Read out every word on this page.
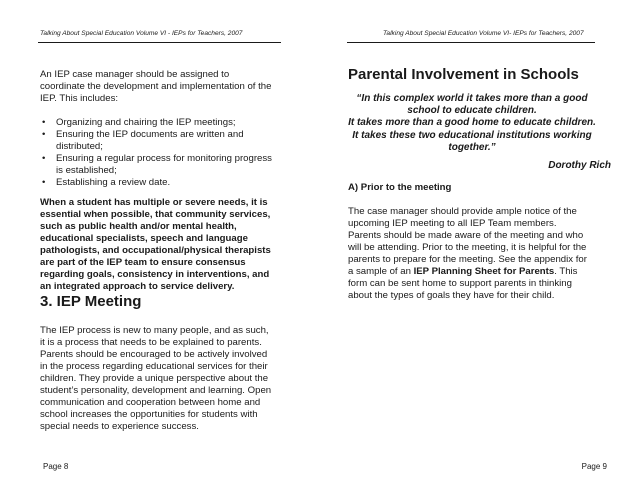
Talking About Special Education Volume VI - IEPs for Teachers, 2007

An IEP case manager should be assigned to

coordinate the development and implementation of the

IEP. This includes:

• Organizing and chairing the IEP meetings;
• Ensuring the IEP documents are written and
distributed;
• Ensuring a regular process for monitoring progress
is established;
• Establishing a review date.

When a student has multiple or severe needs, it is

essential when possible, that community services,

such as public health and/or mental health,

educational specialists, speech and language

pathologists, and occupational/physical therapists

are part of the IEP team to ensure consensus

regarding goals, consistency in interventions, and

an integrated approach to service delivery.

3. IEP Meeting

The IEP process is new to many people, and as such,

it is a process that needs to be explained to parents.

Parents should be encouraged to be actively involved

in the process regarding educational services for their

children. They provide a unique perspective about the

student’s personality, development and learning. Open

communication and cooperation between home and

school increases the opportunities for students with

special needs to experience success.

Page 8
Talking About Special Education Volume VI- IEPs for Teachers, 2007
Parental Involvement in Schools

“In this complex world it takes more than a good

school to educate children.

It takes more than a good home to educate children.

It takes these two educational institutions working

together.”

Dorothy Rich
A) Prior to the meeting

The case manager should provide ample notice of the

upcoming IEP meeting to all IEP Team members.

Parents should be made aware of the meeting and who

will be attending. Prior to the meeting, it is helpful for the

parents to prepare for the meeting. See the appendix for

a sample of an IEP Planning Sheet for Parents. This

form can be sent home to support parents in thinking

about the types of goals they have for their child.

Page 9
